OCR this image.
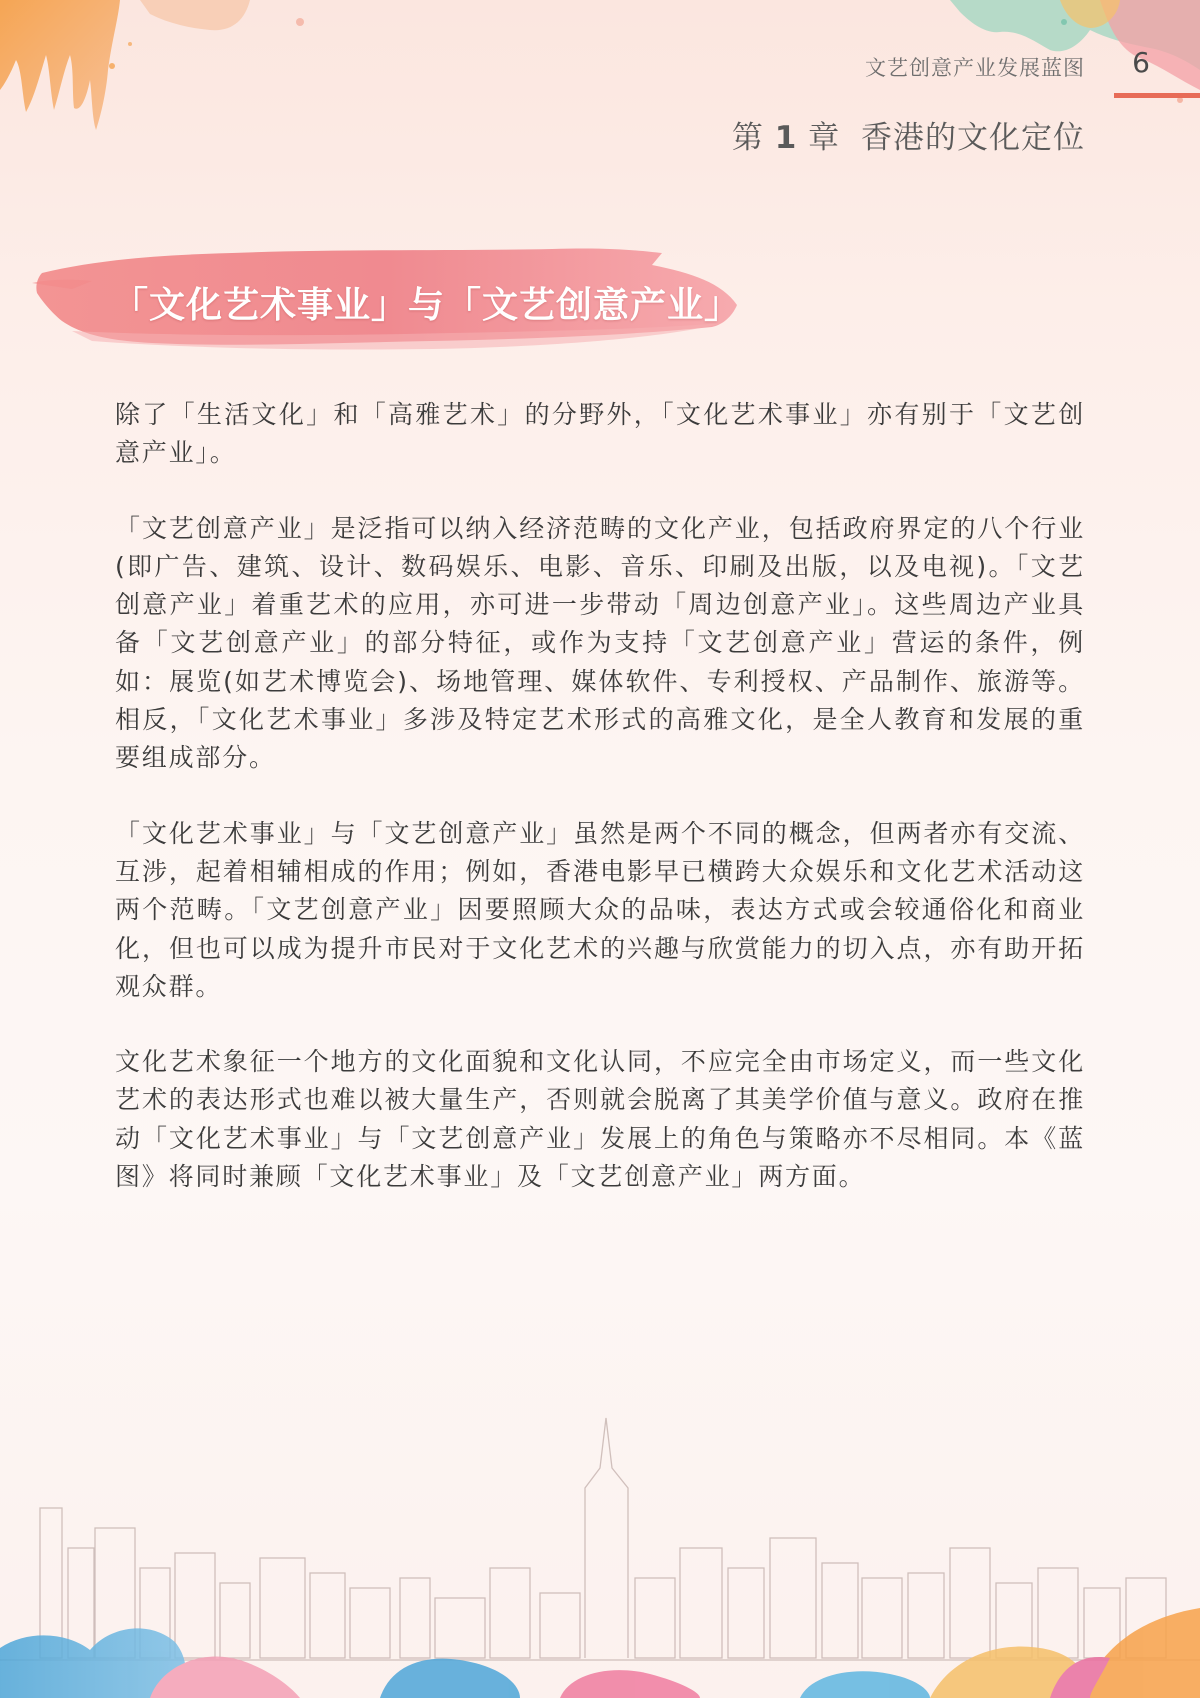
文艺创意产业发展蓝图 6
第 1 章 香港的文化定位
「文化艺术事业」与「文艺创意产业」

除了「生活文化」和「高雅艺术」的分野外，「文化艺术事业」亦有别于「文艺创意产业」。

「文艺创意产业」是泛指可以纳入经济范畴的文化产业，包括政府界定的八个行业(即广告、建筑、设计、数码娱乐、电影、音乐、印刷及出版，以及电视)。「文艺创意产业」着重艺术的应用，亦可进一步带动「周边创意产业」。这些周边产业具备「文艺创意产业」的部分特征，或作为支持「文艺创意产业」营运的条件，例如：展览(如艺术博览会)、场地管理、媒体软件、专利授权、产品制作、旅游等。相反，「文化艺术事业」多涉及特定艺术形式的高雅文化，是全人教育和发展的重要组成部分。

「文化艺术事业」与「文艺创意产业」虽然是两个不同的概念，但两者亦有交流、互涉，起着相辅相成的作用；例如，香港电影早已横跨大众娱乐和文化艺术活动这两个范畴。「文艺创意产业」因要照顾大众的品味，表达方式或会较通俗化和商业化，但也可以成为提升市民对于文化艺术的兴趣与欣赏能力的切入点，亦有助开拓观众群。

文化艺术象征一个地方的文化面貌和文化认同，不应完全由市场定义，而一些文化艺术的表达形式也难以被大量生产，否则就会脱离了其美学价值与意义。政府在推动「文化艺术事业」与「文艺创意产业」发展上的角色与策略亦不尽相同。本《蓝图》将同时兼顾「文化艺术事业」及「文艺创意产业」两方面。
